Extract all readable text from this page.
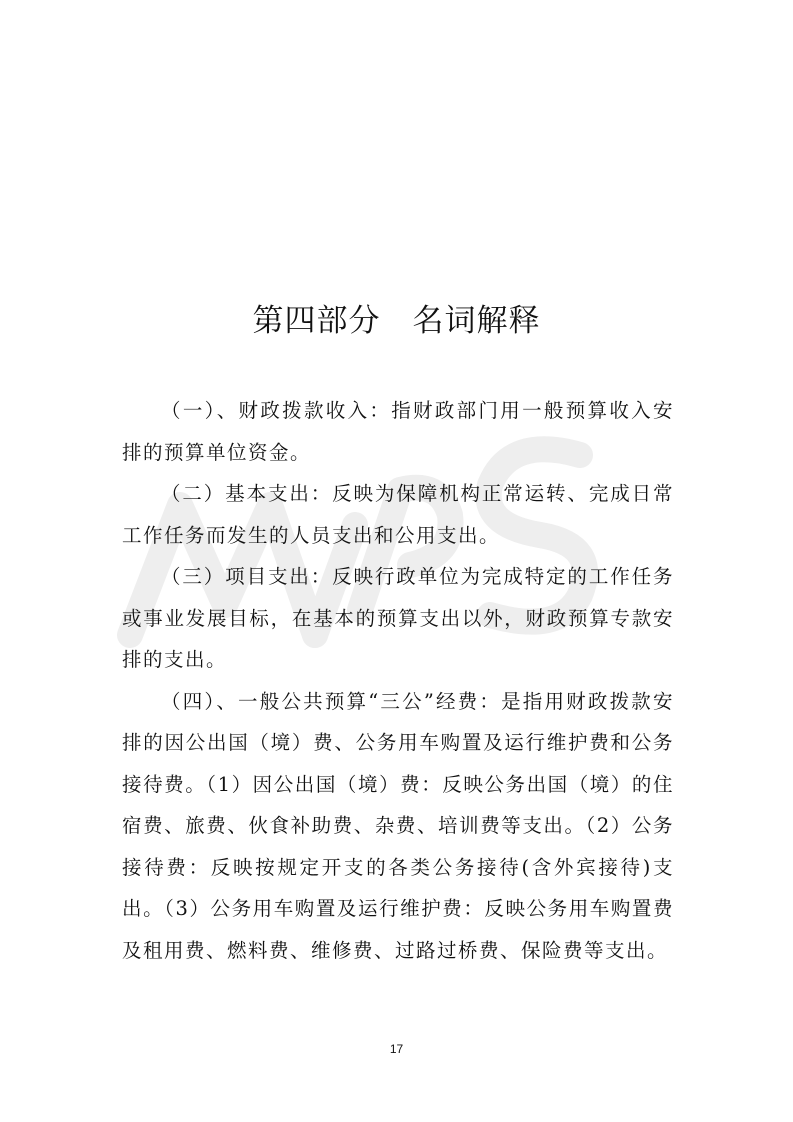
第四部分　名词解释

（一）、财政拨款收入：指财政部门用一般预算收入安排的预算单位资金。

（二）基本支出：反映为保障机构正常运转、完成日常工作任务而发生的人员支出和公用支出。

（三）项目支出：反映行政单位为完成特定的工作任务或事业发展目标，在基本的预算支出以外，财政预算专款安排的支出。

（四）、一般公共预算“三公”经费：是指用财政拨款安排的因公出国（境）费、公务用车购置及运行维护费和公务接待费。（1）因公出国（境）费：反映公务出国（境）的住宿费、旅费、伙食补助费、杂费、培训费等支出。（2）公务接待费：反映按规定开支的各类公务接待(含外宾接待)支出。（3）公务用车购置及运行维护费：反映公务用车购置费及租用费、燃料费、维修费、过路过桥费、保险费等支出。

17
